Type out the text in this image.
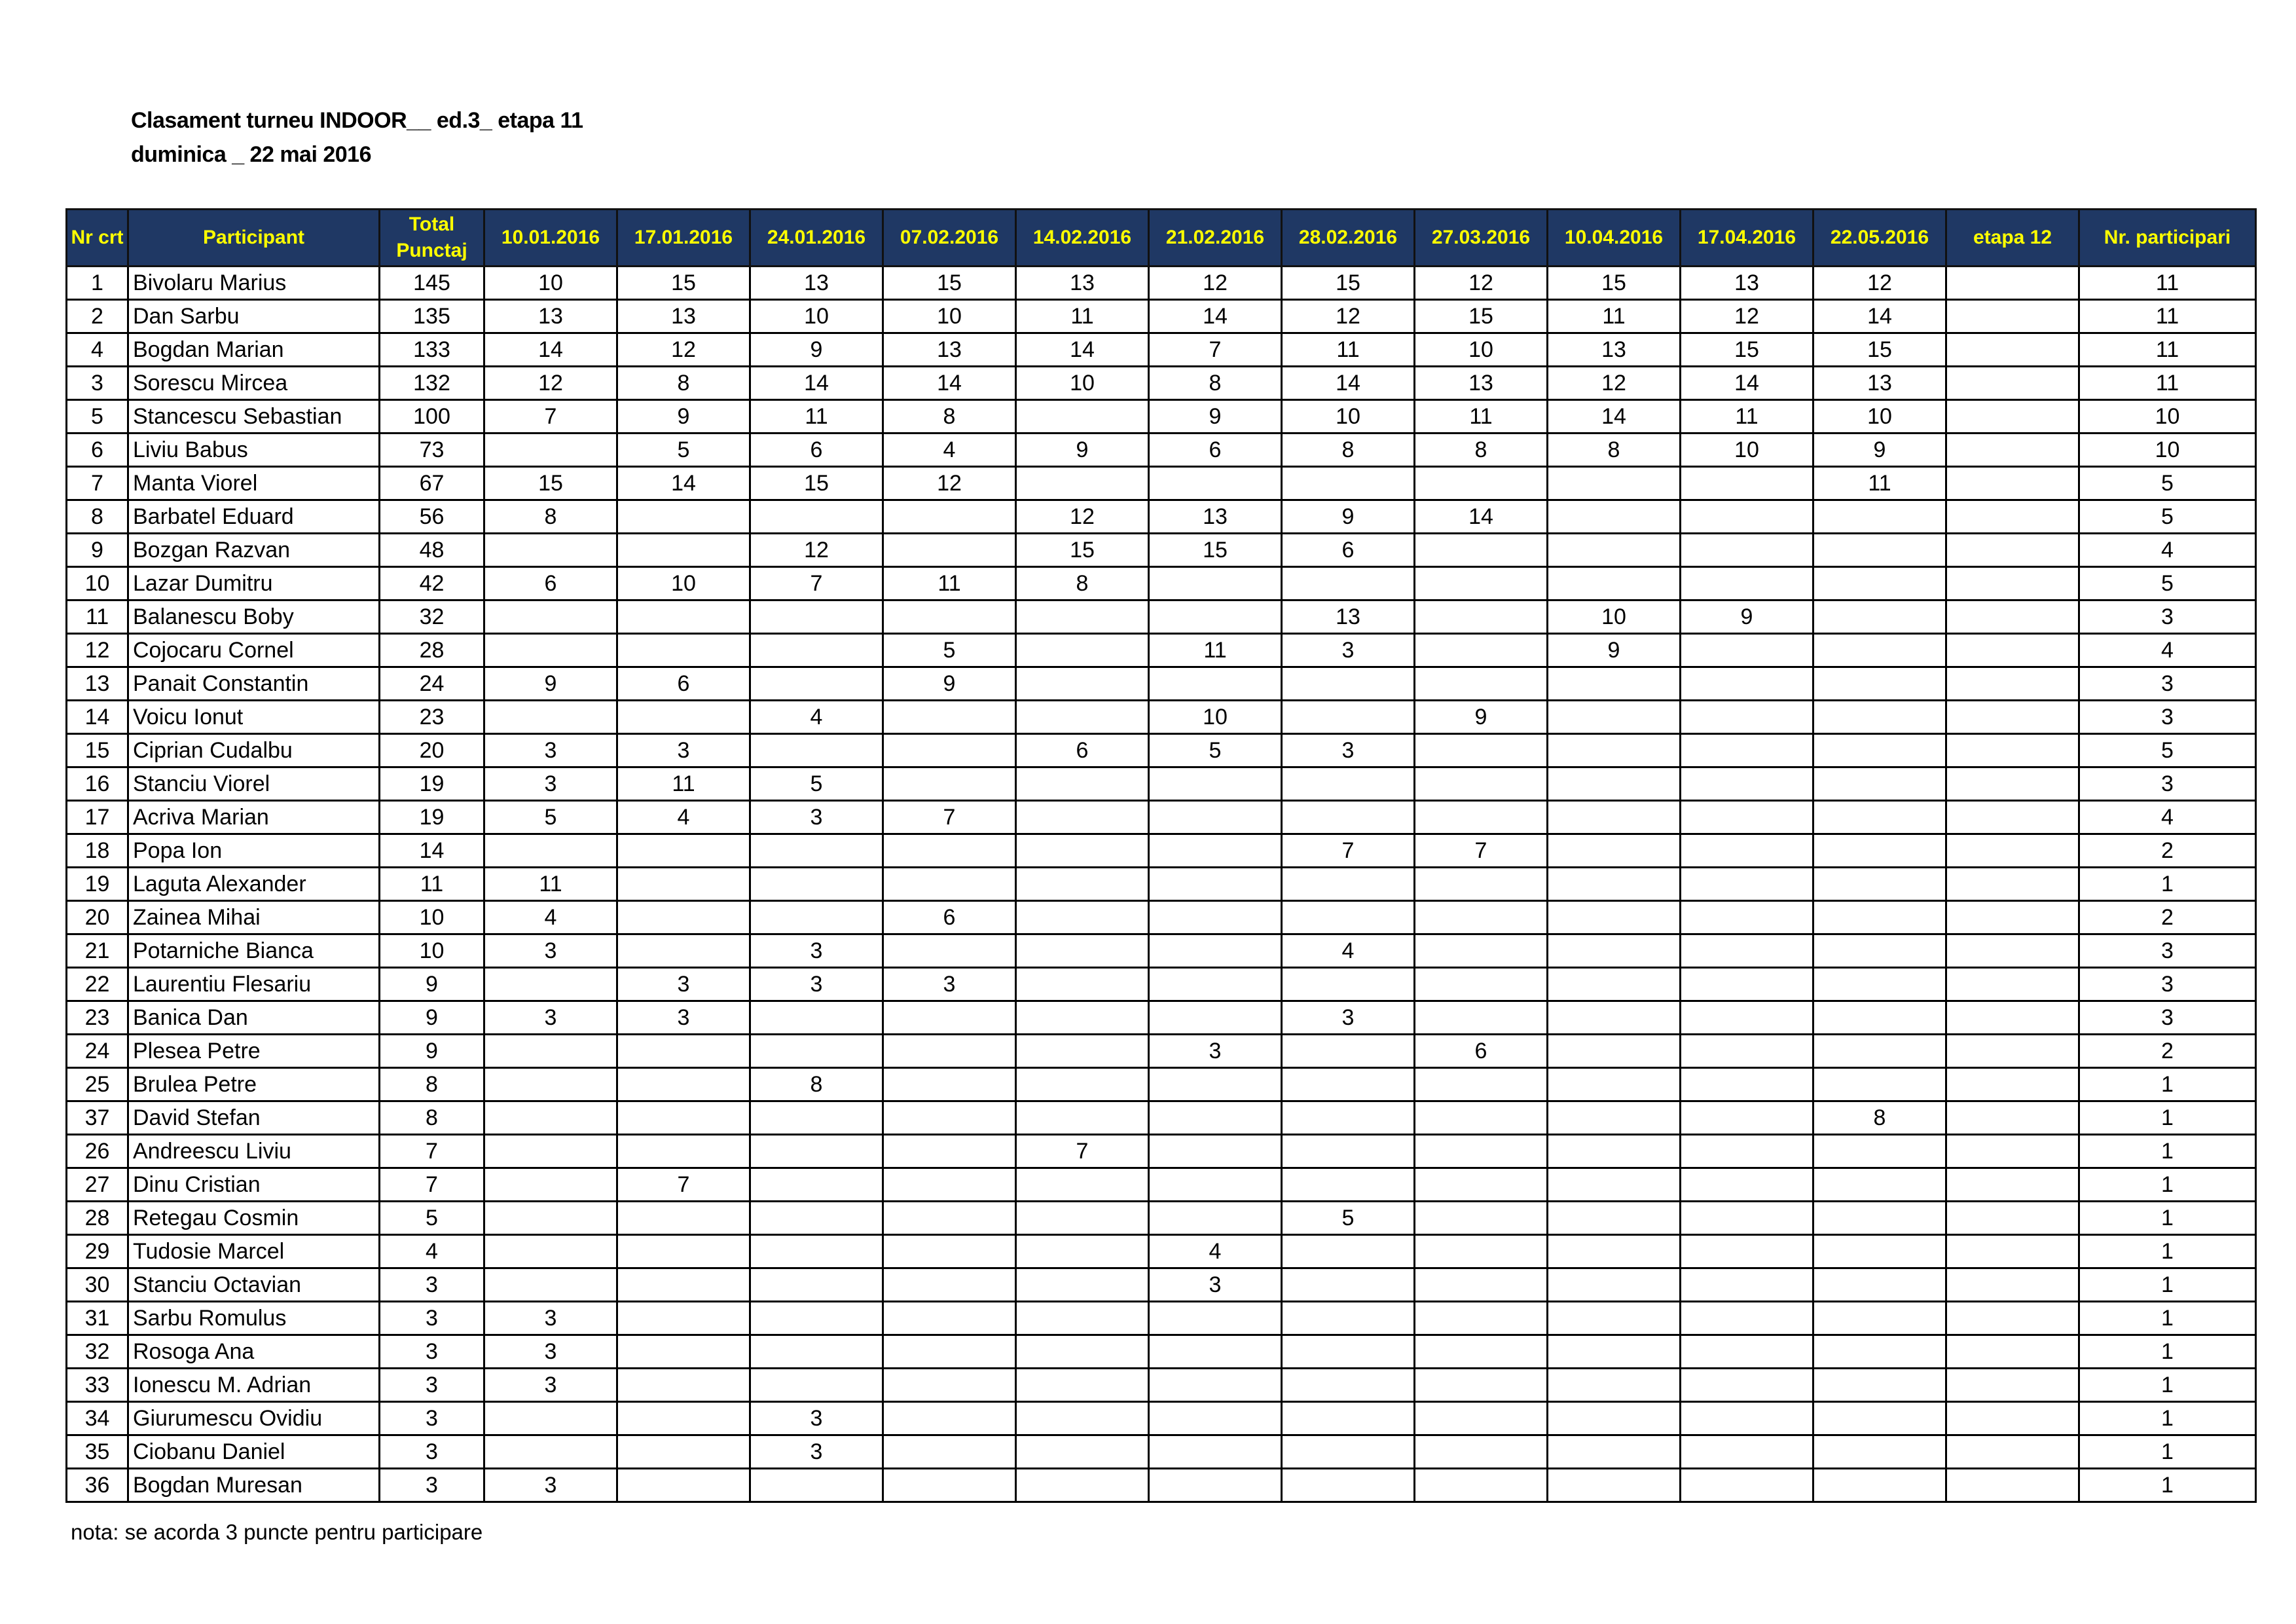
Clasament turneu INDOOR__ ed.3_ etapa 11
duminica _ 22 mai 2016
Nr crt	Participant	Total Punctaj	10.01.2016	17.01.2016	24.01.2016	07.02.2016	14.02.2016	21.02.2016	28.02.2016	27.03.2016	10.04.2016	17.04.2016	22.05.2016	etapa 12	Nr. participari
1	Bivolaru Marius	145	10	15	13	15	13	12	15	12	15	13	12		11
2	Dan Sarbu	135	13	13	10	10	11	14	12	15	11	12	14		11
4	Bogdan Marian	133	14	12	9	13	14	7	11	10	13	15	15		11
3	Sorescu Mircea	132	12	8	14	14	10	8	14	13	12	14	13		11
5	Stancescu Sebastian	100	7	9	11	8		9	10	11	14	11	10		10
6	Liviu Babus	73		5	6	4	9	6	8	8	8	10	9		10
7	Manta Viorel	67	15	14	15	12							11		5
8	Barbatel Eduard	56	8				12	13	9	14					5
9	Bozgan Razvan	48			12		15	15	6						4
10	Lazar Dumitru	42	6	10	7	11	8								5
11	Balanescu Boby	32							13		10	9			3
12	Cojocaru Cornel	28				5		11	3		9				4
13	Panait Constantin	24	9	6		9									3
14	Voicu Ionut	23			4			10		9					3
15	Ciprian Cudalbu	20	3	3			6	5	3						5
16	Stanciu Viorel	19	3	11	5										3
17	Acriva Marian	19	5	4	3	7									4
18	Popa Ion	14							7	7					2
19	Laguta Alexander	11	11												1
20	Zainea Mihai	10	4			6									2
21	Potarniche Bianca	10	3		3				4						3
22	Laurentiu Flesariu	9		3	3	3									3
23	Banica Dan	9	3	3					3						3
24	Plesea Petre	9						3		6					2
25	Brulea Petre	8			8										1
37	David Stefan	8											8		1
26	Andreescu Liviu	7					7								1
27	Dinu Cristian	7		7											1
28	Retegau Cosmin	5							5						1
29	Tudosie Marcel	4						4							1
30	Stanciu Octavian	3						3							1
31	Sarbu Romulus	3	3												1
32	Rosoga Ana	3	3												1
33	Ionescu M. Adrian	3	3												1
34	Giurumescu Ovidiu	3			3										1
35	Ciobanu Daniel	3			3										1
36	Bogdan Muresan	3	3												1
nota: se acorda 3 puncte pentru participare
